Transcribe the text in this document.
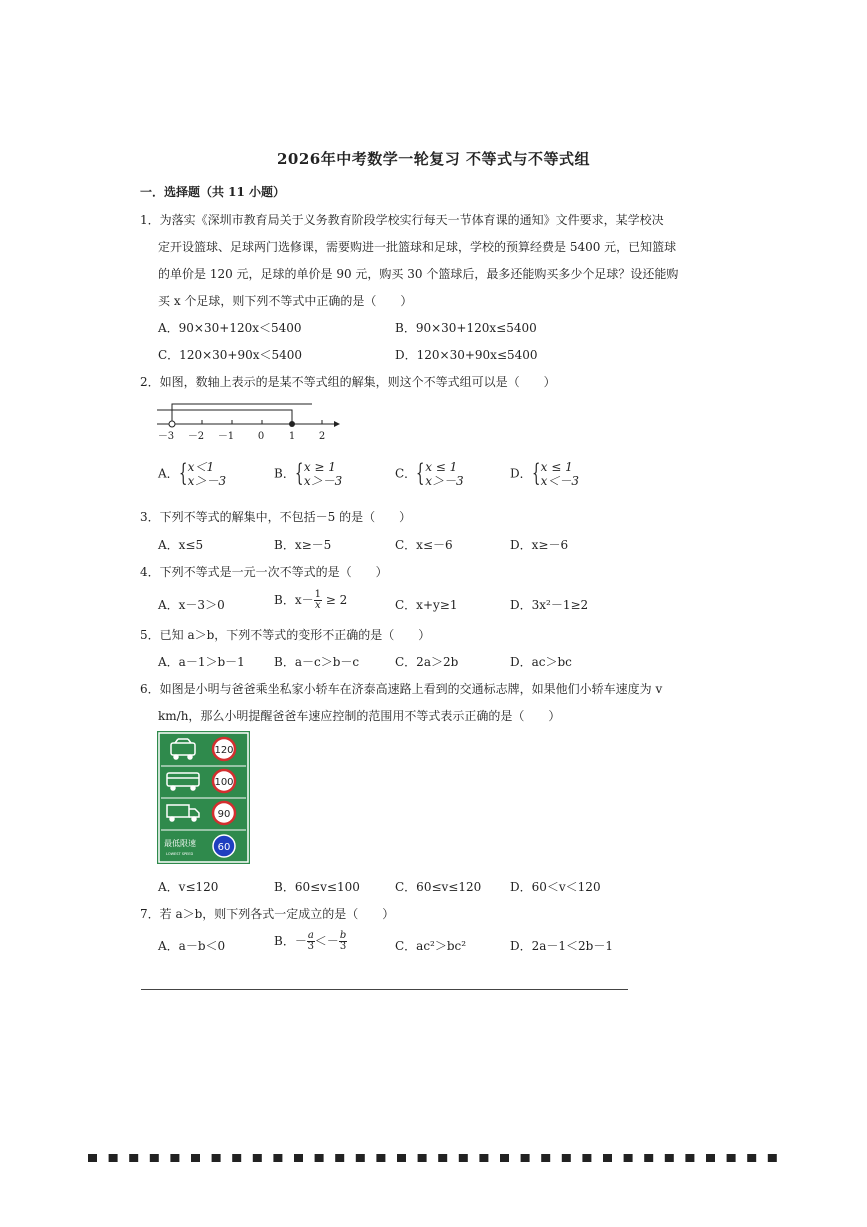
2026年中考数学一轮复习 不等式与不等式组
一．选择题（共 11 小题）
1．为落实《深圳市教育局关于义务教育阶段学校实行每天一节体育课的通知》文件要求，某学校决
定开设篮球、足球两门选修课，需要购进一批篮球和足球，学校的预算经费是 5400 元，已知篮球
的单价是 120 元，足球的单价是 90 元，购买 30 个篮球后，最多还能购买多少个足球？设还能购
买 x 个足球，则下列不等式中正确的是（　　）
A．90×30+120x＜5400	B．90×30+120x≤5400
C．120×30+90x＜5400	D．120×30+90x≤5400
2．如图，数轴上表示的是某不等式组的解集，则这个不等式组可以是（　　）
－3 －2 －1 0 1 2
A． { x＜1
x＞－3
B． { x ≥ 1
x＞－3
C． { x ≤ 1
x＞－3
D． { x ≤ 1
x＜－3
3．下列不等式的解集中，不包括－5 的是（　　）
A．x≤5	B．x≥－5	C．x≤－6	D．x≥－6
4．下列不等式是一元一次不等式的是（　　）
A．x－3＞0	B．$x- \frac{1}{x} \ge 2$	C．x+y≥1	D．3x²－1≥2
5．已知 a＞b，下列不等式的变形不正确的是（　　）
A．a－1＞b－1 B．a－c＞b－c	C．2a＞2b	D．ac＞bc
6．如图是小明与爸爸乘坐私家小轿车在济泰高速路上看到的交通标志牌，如果他们小轿车速度为 v
km/h，那么小明提醒爸爸车速应控制的范围用不等式表示正确的是（　　）
120
100
90
最低限速
LOWEST SPEED
60
A．v≤120	B．60≤v≤100	C．60≤v≤120 D．60＜v＜120
7．若 a＞b，则下列各式一定成立的是（　　）
A．a－b＜0	B．－ $\frac{a}{3} <- \frac{b}{3}$	C．ac²＞bc²	D．2a－1＜2b－1
